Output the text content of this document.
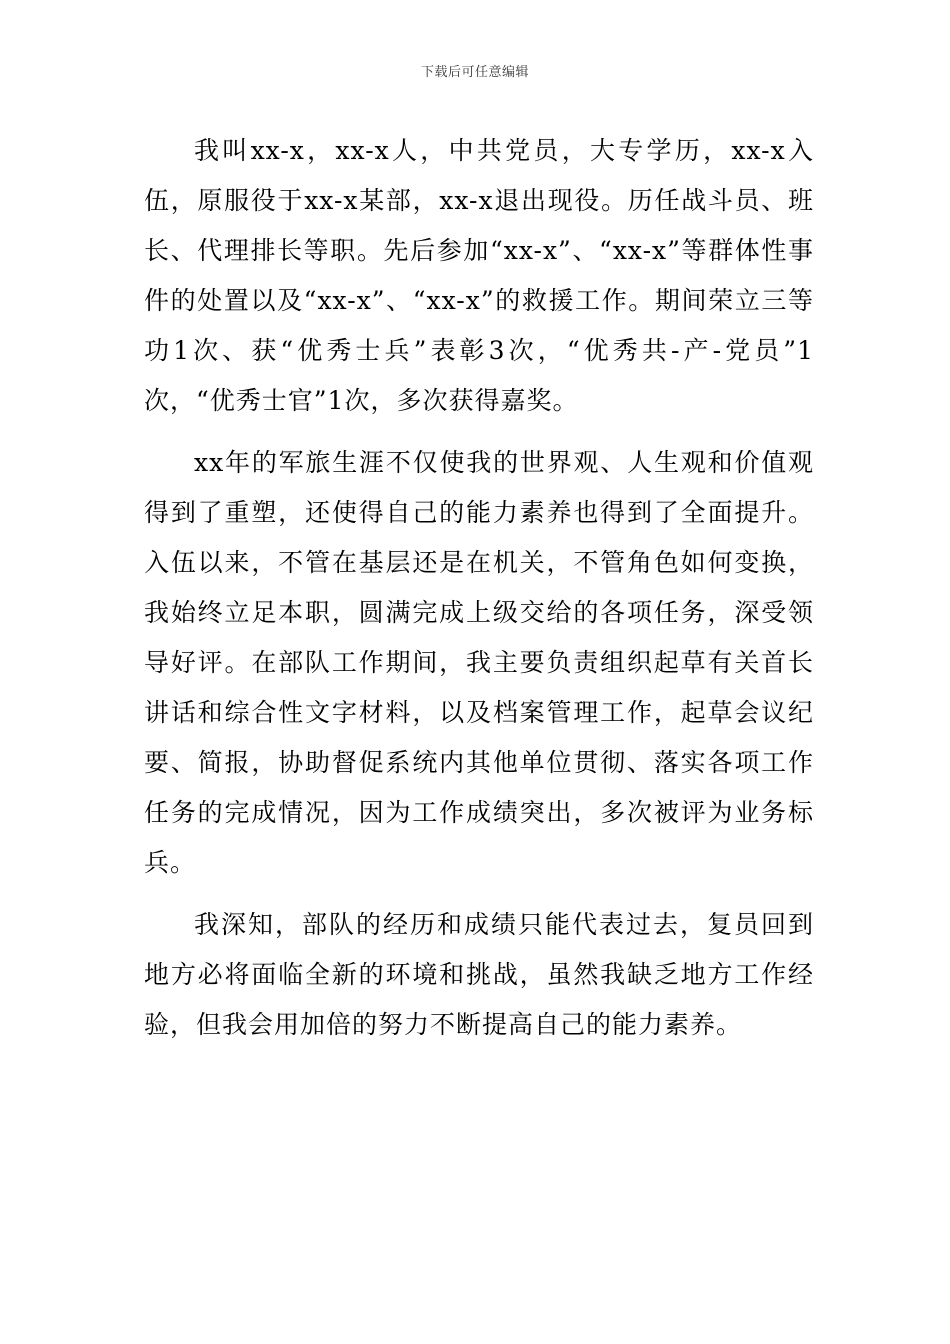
下载后可任意编辑

我叫xx-x，xx-x人，中共党员，大专学历，xx-x入伍，原服役于xx-x某部，xx-x退出现役。历任战斗员、班长、代理排长等职。先后参加“xx-x”、“xx-x”等群体性事件的处置以及“xx-x”、“xx-x”的救援工作。期间荣立三等功1次、获“优秀士兵”表彰3次，“优秀共-产-党员”1次，“优秀士官”1次，多次获得嘉奖。

xx年的军旅生涯不仅使我的世界观、人生观和价值观得到了重塑，还使得自己的能力素养也得到了全面提升。入伍以来，不管在基层还是在机关，不管角色如何变换，我始终立足本职，圆满完成上级交给的各项任务，深受领导好评。在部队工作期间，我主要负责组织起草有关首长讲话和综合性文字材料，以及档案管理工作，起草会议纪要、简报，协助督促系统内其他单位贯彻、落实各项工作任务的完成情况，因为工作成绩突出，多次被评为业务标兵。

我深知，部队的经历和成绩只能代表过去，复员回到地方必将面临全新的环境和挑战，虽然我缺乏地方工作经验，但我会用加倍的努力不断提高自己的能力素养。
